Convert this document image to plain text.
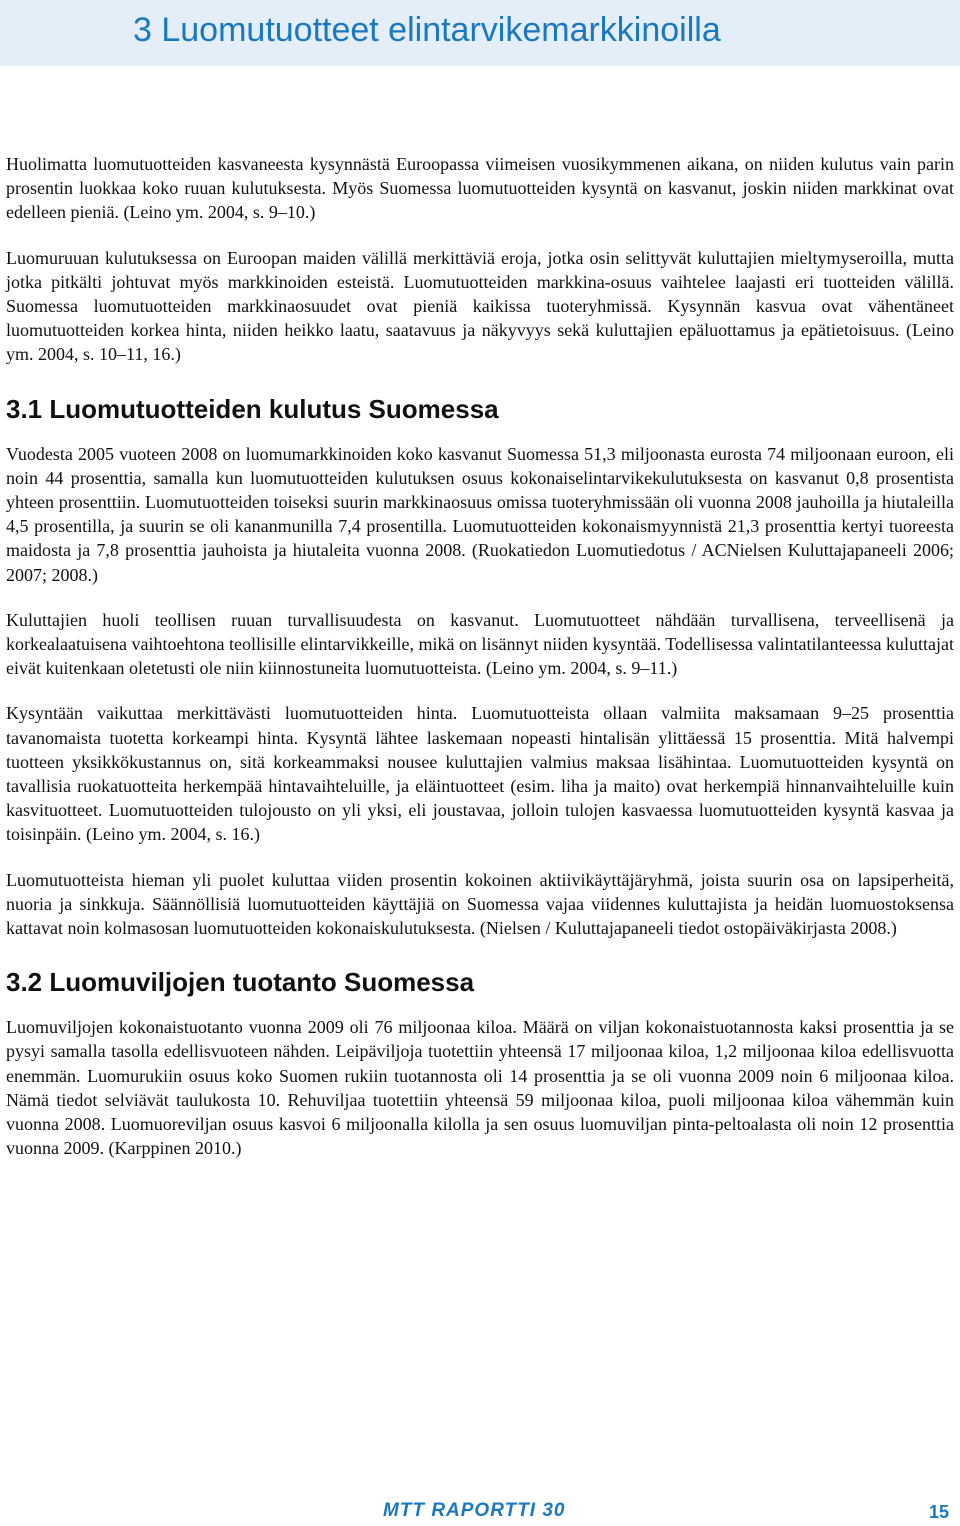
3 Luomutuotteet elintarvikemarkkinoilla

Huolimatta luomutuotteiden kasvaneesta kysynnästä Euroopassa viimeisen vuosikymmenen aikana, on niiden kulutus vain parin prosentin luokkaa koko ruuan kulutuksesta. Myös Suomessa luomutuotteiden kysyntä on kasvanut, joskin niiden markkinat ovat edelleen pieniä. (Leino ym. 2004, s. 9–10.)

Luomuruuan kulutuksessa on Euroopan maiden välillä merkittäviä eroja, jotka osin selittyvät kuluttajien mieltymyseroilla, mutta jotka pitkälti johtuvat myös markkinoiden esteistä. Luomutuotteiden markkina-osuus vaihtelee laajasti eri tuotteiden välillä. Suomessa luomutuotteiden markkinaosuudet ovat pieniä kaikissa tuoteryhmissä. Kysynnän kasvua ovat vähentäneet luomutuotteiden korkea hinta, niiden heikko laatu, saatavuus ja näkyvyys sekä kuluttajien epäluottamus ja epätietoisuus. (Leino ym. 2004, s. 10–11, 16.)

3.1 Luomutuotteiden kulutus Suomessa

Vuodesta 2005 vuoteen 2008 on luomumarkkinoiden koko kasvanut Suomessa 51,3 miljoonasta eurosta 74 miljoonaan euroon, eli noin 44 prosenttia, samalla kun luomutuotteiden kulutuksen osuus kokonaiselintarvikekulutuksesta on kasvanut 0,8 prosentista yhteen prosenttiin. Luomutuotteiden toiseksi suurin markkinaosuus omissa tuoteryhmissään oli vuonna 2008 jauhoilla ja hiutaleilla 4,5 prosentilla, ja suurin se oli kananmunilla 7,4 prosentilla. Luomutuotteiden kokonaismyynnistä 21,3 prosenttia kertyi tuoreesta maidosta ja 7,8 prosenttia jauhoista ja hiutaleita vuonna 2008. (Ruokatiedon Luomutiedotus / ACNielsen Kuluttajapaneeli 2006; 2007; 2008.)

Kuluttajien huoli teollisen ruuan turvallisuudesta on kasvanut. Luomutuotteet nähdään turvallisena, terveellisenä ja korkealaatuisena vaihtoehtona teollisille elintarvikkeille, mikä on lisännyt niiden kysyntää. Todellisessa valintatilanteessa kuluttajat eivät kuitenkaan oletetusti ole niin kiinnostuneita luomutuotteista. (Leino ym. 2004, s. 9–11.)

Kysyntään vaikuttaa merkittävästi luomutuotteiden hinta. Luomutuotteista ollaan valmiita maksamaan 9–25 prosenttia tavanomaista tuotetta korkeampi hinta. Kysyntä lähtee laskemaan nopeasti hintalisän ylittäessä 15 prosenttia. Mitä halvempi tuotteen yksikkökustannus on, sitä korkeammaksi nousee kuluttajien valmius maksaa lisähintaa. Luomutuotteiden kysyntä on tavallisia ruokatuotteita herkempää hintavaihteluille, ja eläintuotteet (esim. liha ja maito) ovat herkempiä hinnanvaihteluille kuin kasvituotteet. Luomutuotteiden tulojousto on yli yksi, eli joustavaa, jolloin tulojen kasvaessa luomutuotteiden kysyntä kasvaa ja toisinpäin. (Leino ym. 2004, s. 16.)

Luomutuotteista hieman yli puolet kuluttaa viiden prosentin kokoinen aktiivikäyttäjäryhmä, joista suurin osa on lapsiperheitä, nuoria ja sinkkuja. Säännöllisiä luomutuotteiden käyttäjiä on Suomessa vajaa viidennes kuluttajista ja heidän luomuostoksensa kattavat noin kolmasosan luomutuotteiden kokonaiskulutuksesta. (Nielsen / Kuluttajapaneeli tiedot ostopäiväkirjasta 2008.)

3.2 Luomuviljojen tuotanto Suomessa

Luomuviljojen kokonaistuotanto vuonna 2009 oli 76 miljoonaa kiloa. Määrä on viljan kokonaistuotannosta kaksi prosenttia ja se pysyi samalla tasolla edellisvuoteen nähden. Leipäviljoja tuotettiin yhteensä 17 miljoonaa kiloa, 1,2 miljoonaa kiloa edellisvuotta enemmän. Luomurukiin osuus koko Suomen rukiin tuotannosta oli 14 prosenttia ja se oli vuonna 2009 noin 6 miljoonaa kiloa. Nämä tiedot selviävät taulukosta 10. Rehuviljaa tuotettiin yhteensä 59 miljoonaa kiloa, puoli miljoonaa kiloa vähemmän kuin vuonna 2008. Luomuoreviljan osuus kasvoi 6 miljoonalla kilolla ja sen osuus luomuviljan pinta-peltoalasta oli noin 12 prosenttia vuonna 2009. (Karppinen 2010.)

MTT RAPORTTI 30	15
